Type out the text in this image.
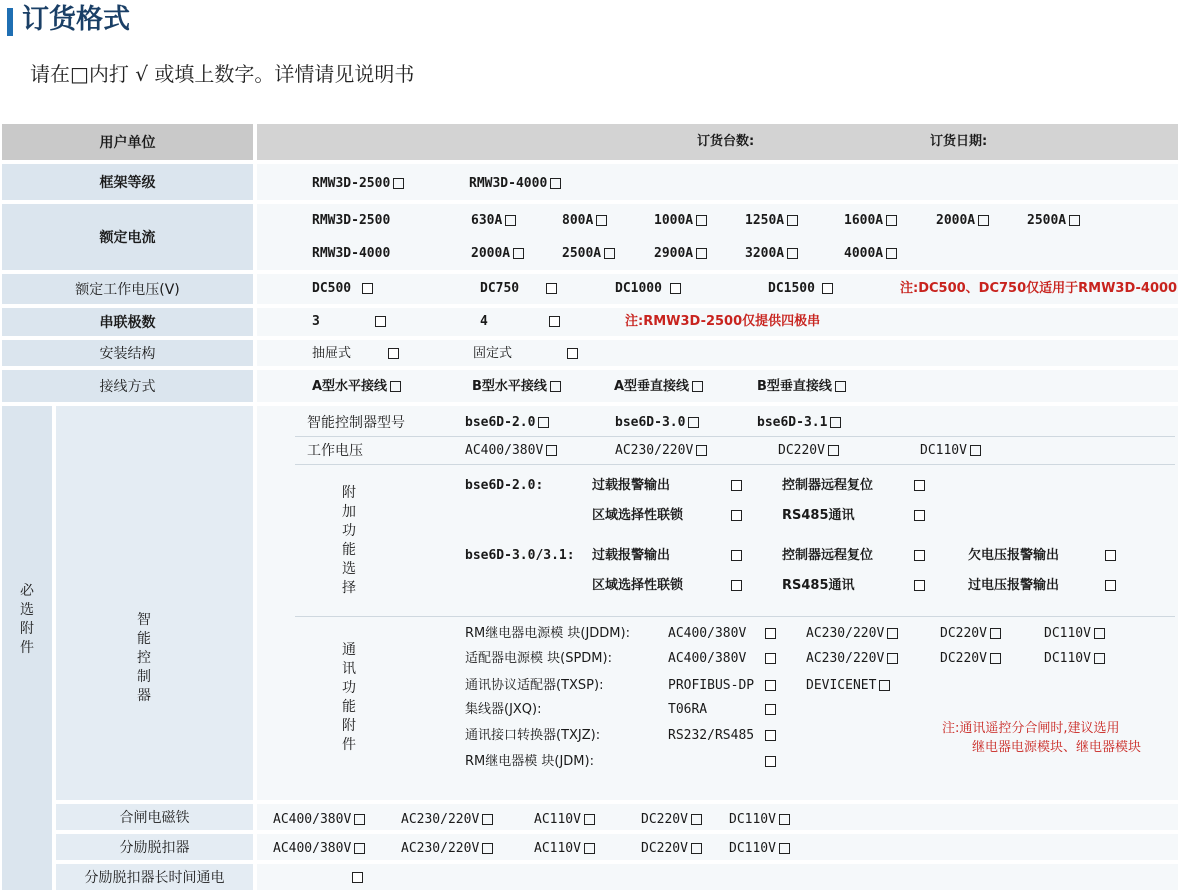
订货格式
请在□内打 √ 或填上数字。详情请见说明书
用户单位	订货台数:	订货日期:
框架等级	RMW3D-2500	RMW3D-4000
额定电流
RMW3D-2500	630A	800A	1000A	1250A	1600A	2000A	2500A
RMW3D-4000	2000A	2500A	2900A	3200A	4000A
额定工作电压(V)	DC500	DC750	DC1000	DC1500	注:DC500、DC750仅适用于RMW3D-4000
串联极数	3	4	注:RMW3D-2500仅提供四极串
安装结构	抽屉式	固定式
接线方式	A型水平接线	B型水平接线	A型垂直接线	B型垂直接线
必
选
附
件
智
能
控
制
器
智能控制器型号	bse6D-2.0	bse6D-3.0	bse6D-3.1
工作电压	AC400/380V	AC230/220V	DC220V	DC110V
附
加
功
能
选
择
bse6D-2.0:	过载报警输出	控制器远程复位
区域选择性联锁	RS485通讯
bse6D-3.0/3.1: 过载报警输出	控制器远程复位	欠电压报警输出
区域选择性联锁	RS485通讯	过电压报警输出
通
讯
功
能
附
件
RM继电器电源模 块(JDDM):	AC400/380V	AC230/220V	DC220V	DC110V
适配器电源模 块(SPDM):	AC400/380V	AC230/220V	DC220V	DC110V
通讯协议适配器(TXSP):	PROFIBUS-DP	DEVICENET
集线器(JXQ):	T06RA
通讯接口转换器(TXJZ):	RS232/RS485
RM继电器模 块(JDM):
注:通讯遥控分合闸时,建议选用
继电器电源模块、继电器模块
合闸电磁铁	AC400/380V	AC230/220V	AC110V	DC220V	DC110V
分励脱扣器	AC400/380V	AC230/220V	AC110V	DC220V	DC110V
分励脱扣器长时间通电
